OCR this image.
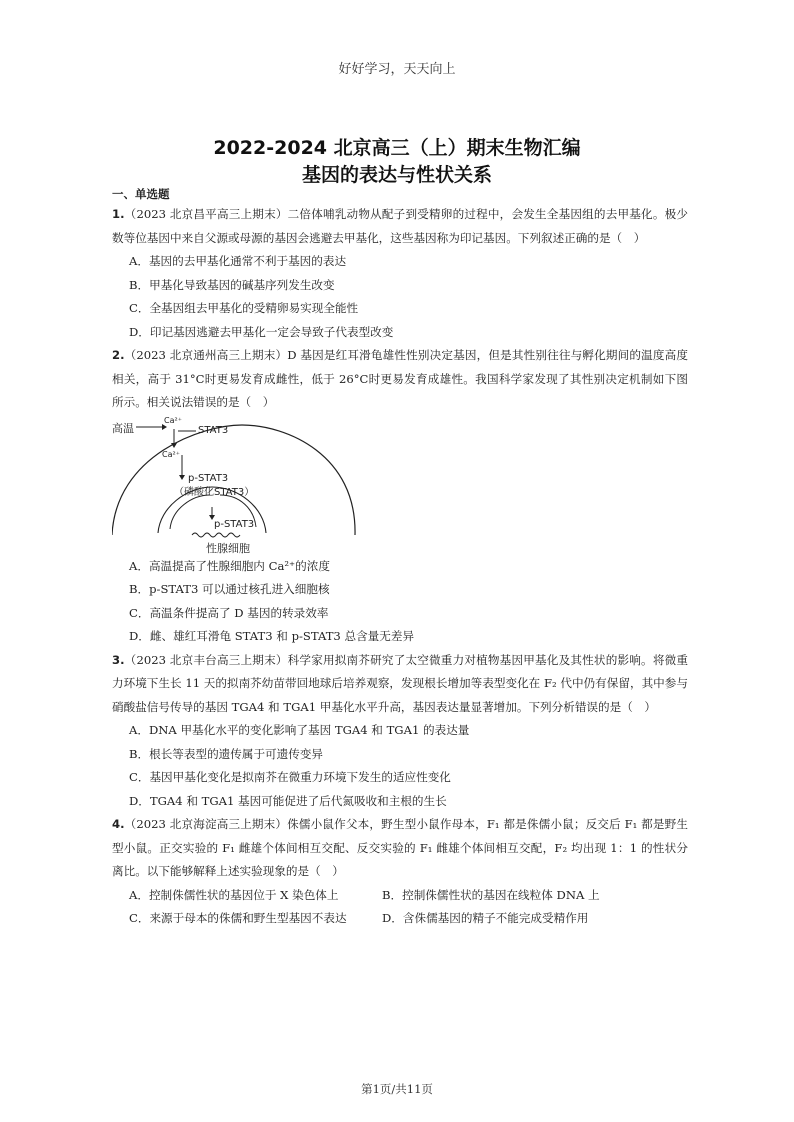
好好学习，天天向上
2022-2024 北京高三（上）期末生物汇编
基因的表达与性状关系
一、单选题

1.（2023 北京昌平高三上期末）二倍体哺乳动物从配子到受精卵的过程中，会发生全基因组的去甲基化。极少数等位基因中来自父源或母源的基因会逃避去甲基化，这些基因称为印记基因。下列叙述正确的是（　）

A．基因的去甲基化通常不利于基因的表达

B．甲基化导致基因的碱基序列发生改变

C．全基因组去甲基化的受精卵易实现全能性

D．印记基因逃避去甲基化一定会导致子代表型改变

2.（2023 北京通州高三上期末）D 基因是红耳滑龟雄性性别决定基因，但是其性别往往与孵化期间的温度高度相关，高于 31°C时更易发育成雌性，低于 26°C时更易发育成雄性。我国科学家发现了其性别决定机制如下图所示。相关说法错误的是（　）

高温
Ca²⁺
STAT3
Ca²⁺
p-STAT3
（磷酸化STAT3）
p-STAT3
性腺细胞

A．高温提高了性腺细胞内 Ca²⁺的浓度

B．p-STAT3 可以通过核孔进入细胞核

C．高温条件提高了 D 基因的转录效率

D．雌、雄红耳滑龟 STAT3 和 p-STAT3 总含量无差异

3.（2023 北京丰台高三上期末）科学家用拟南芥研究了太空微重力对植物基因甲基化及其性状的影响。将微重力环境下生长 11 天的拟南芥幼苗带回地球后培养观察，发现根长增加等表型变化在 F₂ 代中仍有保留，其中参与硝酸盐信号传导的基因 TGA4 和 TGA1 甲基化水平升高，基因表达量显著增加。下列分析错误的是（　）

A．DNA 甲基化水平的变化影响了基因 TGA4 和 TGA1 的表达量

B．根长等表型的遗传属于可遗传变异

C．基因甲基化变化是拟南芥在微重力环境下发生的适应性变化

D．TGA4 和 TGA1 基因可能促进了后代氮吸收和主根的生长

4.（2023 北京海淀高三上期末）侏儒小鼠作父本，野生型小鼠作母本，F₁ 都是侏儒小鼠；反交后 F₁ 都是野生型小鼠。正交实验的 F₁ 雌雄个体间相互交配、反交实验的 F₁ 雌雄个体间相互交配，F₂ 均出现 1：1 的性状分离比。以下能够解释上述实验现象的是（　）

A．控制侏儒性状的基因位于 X 染色体上	B．控制侏儒性状的基因在线粒体 DNA 上
C．来源于母本的侏儒和野生型基因不表达	D．含侏儒基因的精子不能完成受精作用
第1页/共11页
